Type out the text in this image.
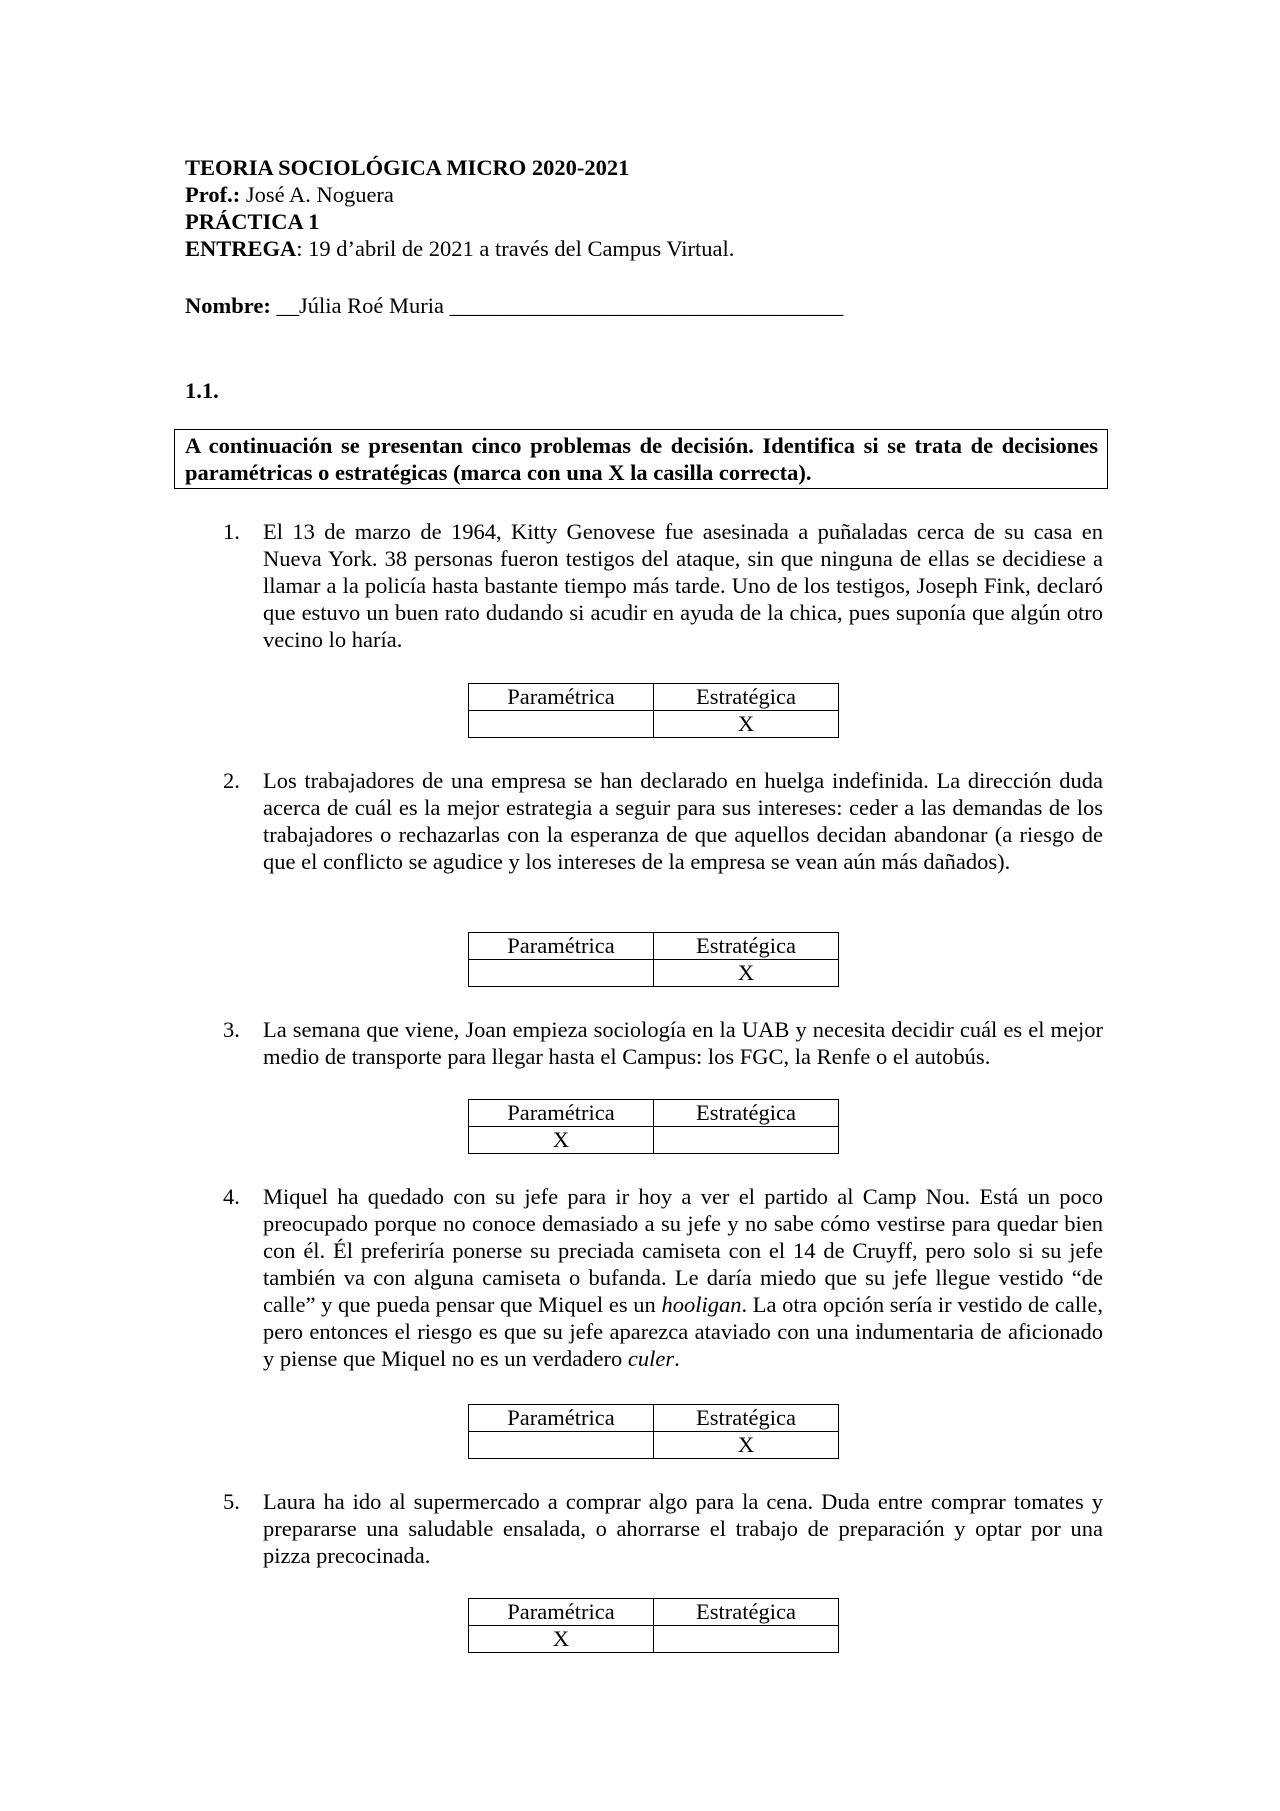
TEORIA SOCIOLÓGICA MICRO 2020-2021
Prof.: José A. Noguera
PRÁCTICA 1
ENTREGA: 19 d’abril de 2021 a través del Campus Virtual.
Nombre: __Júlia Roé Muria ___________________________________
1.1.
A continuación se presentan cinco problemas de decisión. Identifica si se trata de decisiones paramétricas o estratégicas (marca con una X la casilla correcta).
1.	El 13 de marzo de 1964, Kitty Genovese fue asesinada a puñaladas cerca de su casa en Nueva York. 38 personas fueron testigos del ataque, sin que ninguna de ellas se decidiese a llamar a la policía hasta bastante tiempo más tarde. Uno de los testigos, Joseph Fink, declaró que estuvo un buen rato dudando si acudir en ayuda de la chica, pues suponía que algún otro vecino lo haría.
Paramétrica	Estratégica
	X
2.	Los trabajadores de una empresa se han declarado en huelga indefinida. La dirección duda acerca de cuál es la mejor estrategia a seguir para sus intereses: ceder a las demandas de los trabajadores o rechazarlas con la esperanza de que aquellos decidan abandonar (a riesgo de que el conflicto se agudice y los intereses de la empresa se vean aún más dañados).
Paramétrica	Estratégica
	X
3.	La semana que viene, Joan empieza sociología en la UAB y necesita decidir cuál es el mejor medio de transporte para llegar hasta el Campus: los FGC, la Renfe o el autobús.
Paramétrica	Estratégica
X	
4.	Miquel ha quedado con su jefe para ir hoy a ver el partido al Camp Nou. Está un poco preocupado porque no conoce demasiado a su jefe y no sabe cómo vestirse para quedar bien con él. Él preferiría ponerse su preciada camiseta con el 14 de Cruyff, pero solo si su jefe también va con alguna camiseta o bufanda. Le daría miedo que su jefe llegue vestido “de calle” y que pueda pensar que Miquel es un hooligan. La otra opción sería ir vestido de calle, pero entonces el riesgo es que su jefe aparezca ataviado con una indumentaria de aficionado y piense que Miquel no es un verdadero culer.
Paramétrica	Estratégica
	X
5.	Laura ha ido al supermercado a comprar algo para la cena. Duda entre comprar tomates y prepararse una saludable ensalada, o ahorrarse el trabajo de preparación y optar por una pizza precocinada.
Paramétrica	Estratégica
X	
